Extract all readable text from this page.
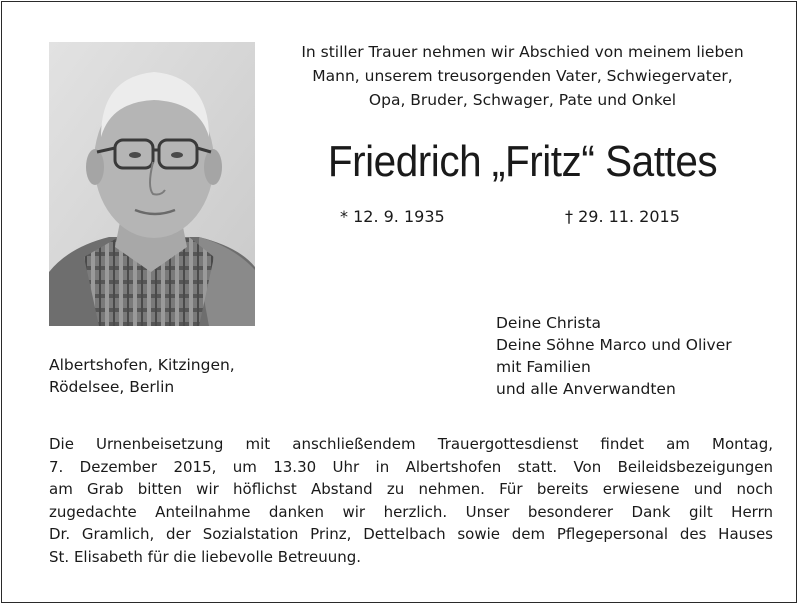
In stiller Trauer nehmen wir Abschied von meinem lieben
Mann, unserem treusorgenden Vater, Schwiegervater,
Opa, Bruder, Schwager, Pate und Onkel
Friedrich „Fritz“ Sattes
* 12. 9. 1935	† 29. 11. 2015
Albertshofen, Kitzingen,
Rödelsee, Berlin
Deine Christa
Deine Söhne Marco und Oliver
mit Familien
und alle Anverwandten
Die Urnenbeisetzung mit anschließendem Trauergottesdienst findet am Montag,
7. Dezember 2015, um 13.30 Uhr in Albertshofen statt. Von Beileidsbezeigungen
am Grab bitten wir höflichst Abstand zu nehmen. Für bereits erwiesene und noch
zugedachte Anteilnahme danken wir herzlich. Unser besonderer Dank gilt Herrn
Dr. Gramlich, der Sozialstation Prinz, Dettelbach sowie dem Pflegepersonal des Hauses
St. Elisabeth für die liebevolle Betreuung.
